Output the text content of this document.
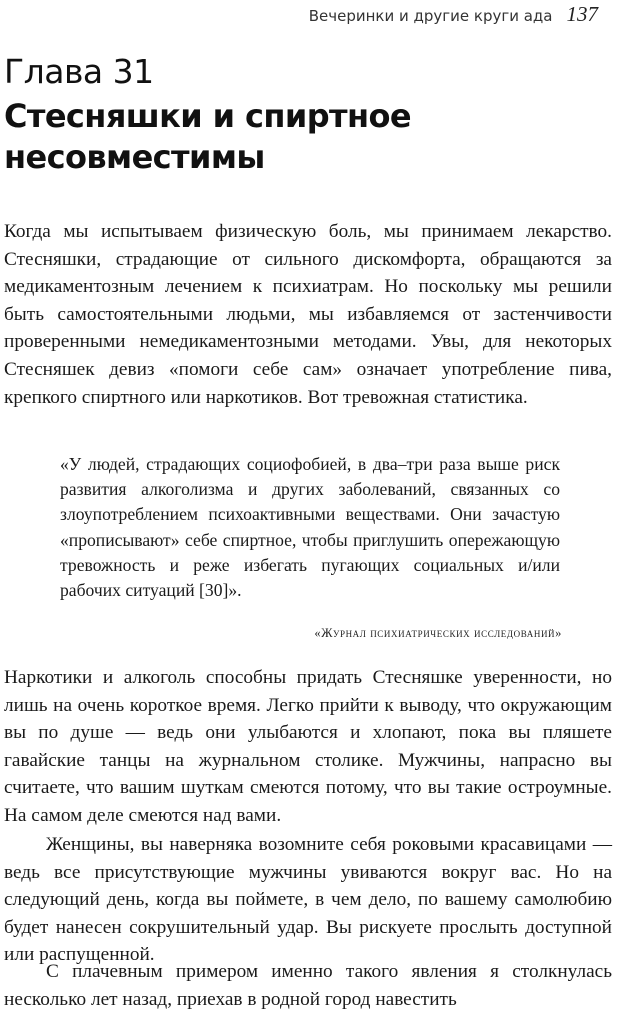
Вечеринки и другие круги ада 137
Глава 31
Стесняшки и спиртное несовместимы

Когда мы испытываем физическую боль, мы принимаем лекарство. Стесняшки, страдающие от сильного дискомфорта, обращаются за медикаментозным лечением к психиатрам. Но поскольку мы решили быть самостоятельными людьми, мы избавляемся от застенчивости проверенными немедикаментозными методами. Увы, для некоторых Стесняшек девиз «помоги себе сам» означает употребление пива, крепкого спиртного или наркотиков. Вот тревожная статистика.

«У людей, страдающих социофобией, в два–три раза выше риск развития алкоголизма и других заболеваний, связанных со злоупотреблением психоактивными веществами. Они зачастую «прописывают» себе спиртное, чтобы приглушить опережающую тревожность и реже избегать пугающих социальных и/или рабочих ситуаций [30]».

«Журнал психиатрических исследований»

Наркотики и алкоголь способны придать Стесняшке уверенности, но лишь на очень короткое время. Легко прийти к выводу, что окружающим вы по душе — ведь они улыбаются и хлопают, пока вы пляшете гавайские танцы на журнальном столике. Мужчины, напрасно вы считаете, что вашим шуткам смеются потому, что вы такие остроумные. На самом деле смеются над вами.

Женщины, вы наверняка возомните себя роковыми красавицами — ведь все присутствующие мужчины увиваются вокруг вас. Но на следующий день, когда вы поймете, в чем дело, по вашему самолюбию будет нанесен сокрушительный удар. Вы рискуете прослыть доступной или распущенной.

С плачевным примером именно такого явления я столкнулась несколько лет назад, приехав в родной город навестить
